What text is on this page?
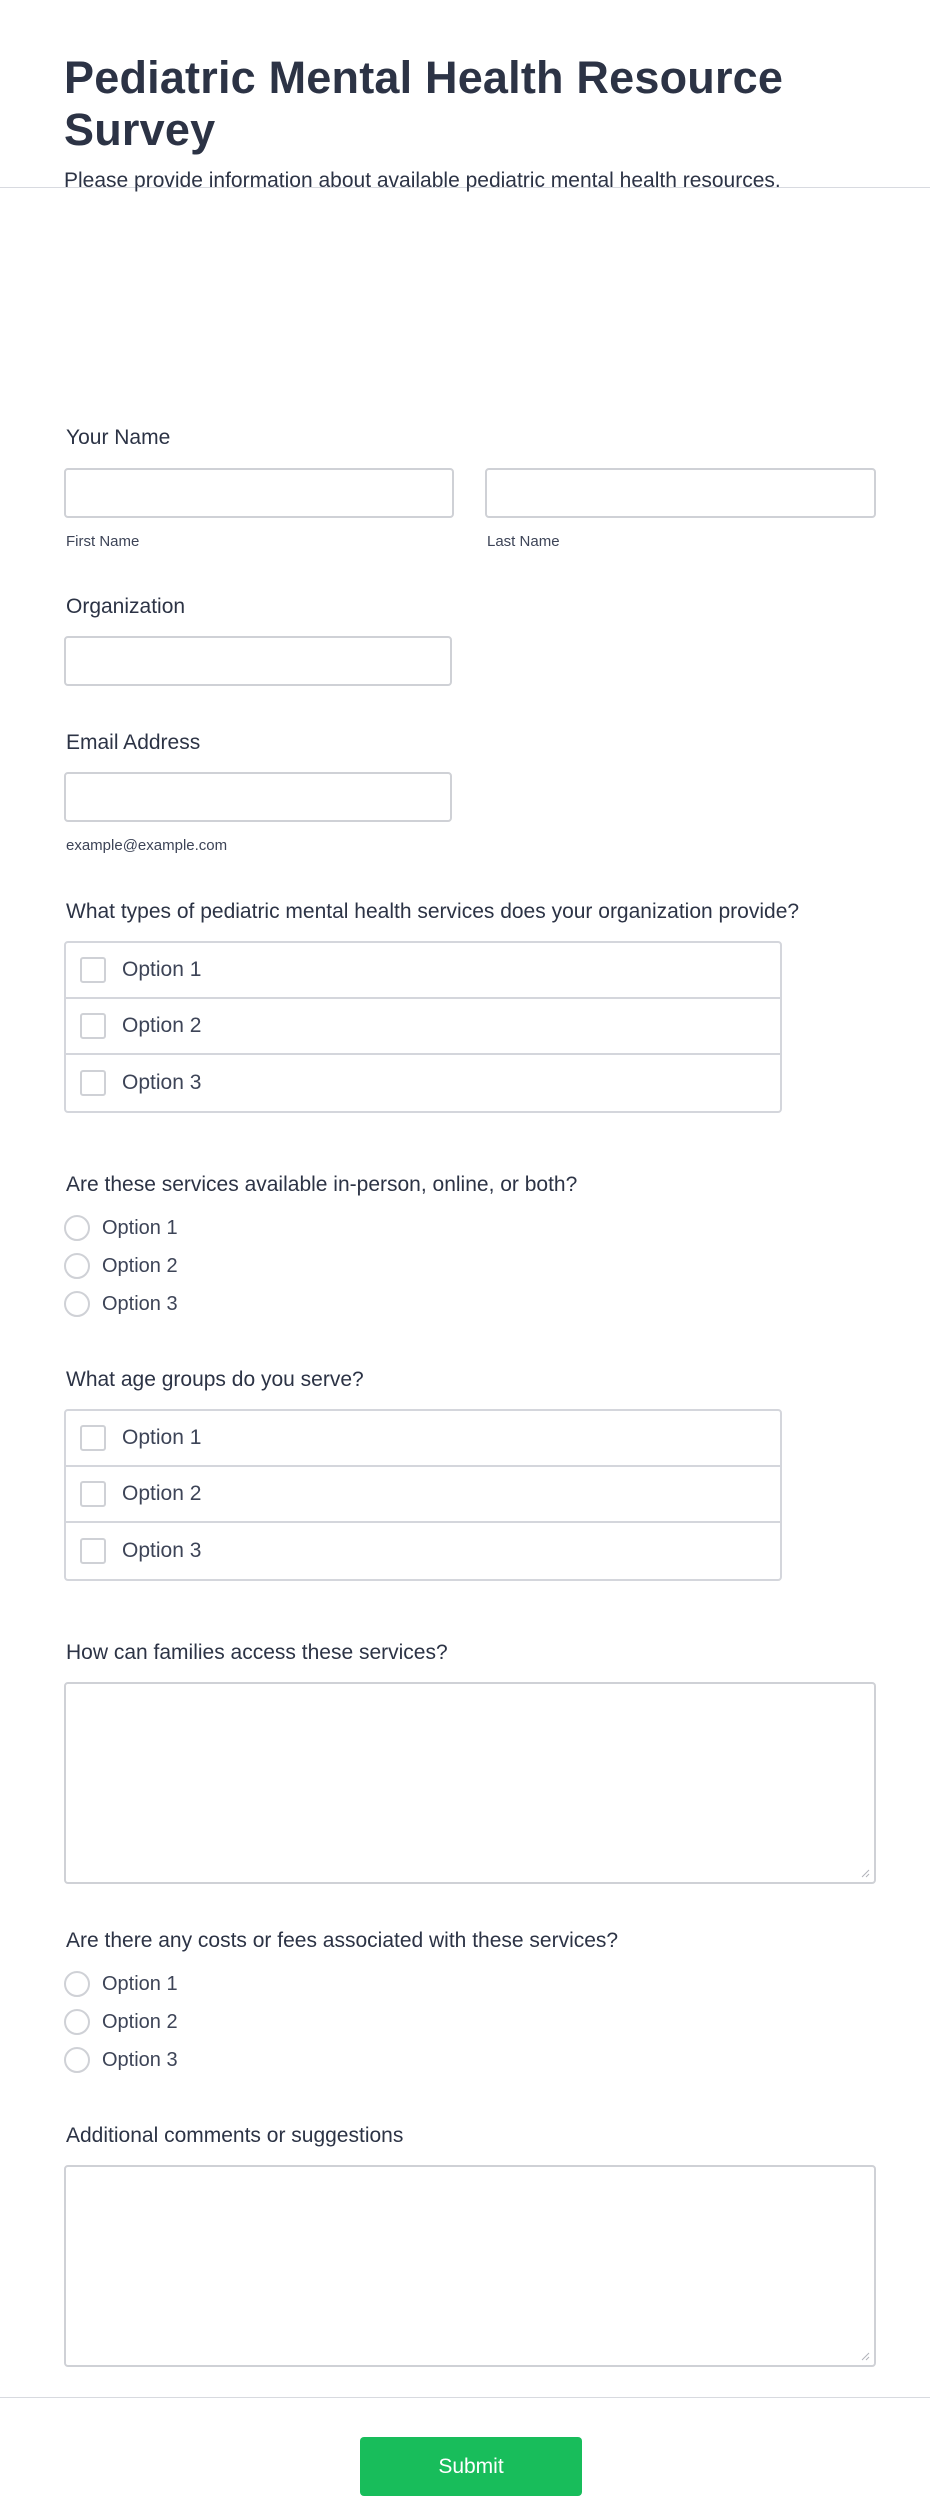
Pediatric Mental Health Resource Survey

Please provide information about available pediatric mental health resources.

Your Name
First Name	Last Name
Organization
Email Address
example@example.com
What types of pediatric mental health services does your organization provide?
Option 1
Option 2
Option 3
Are these services available in-person, online, or both?
Option 1
Option 2
Option 3
What age groups do you serve?
Option 1
Option 2
Option 3
How can families access these services?
Are there any costs or fees associated with these services?
Option 1
Option 2
Option 3
Additional comments or suggestions
Submit
